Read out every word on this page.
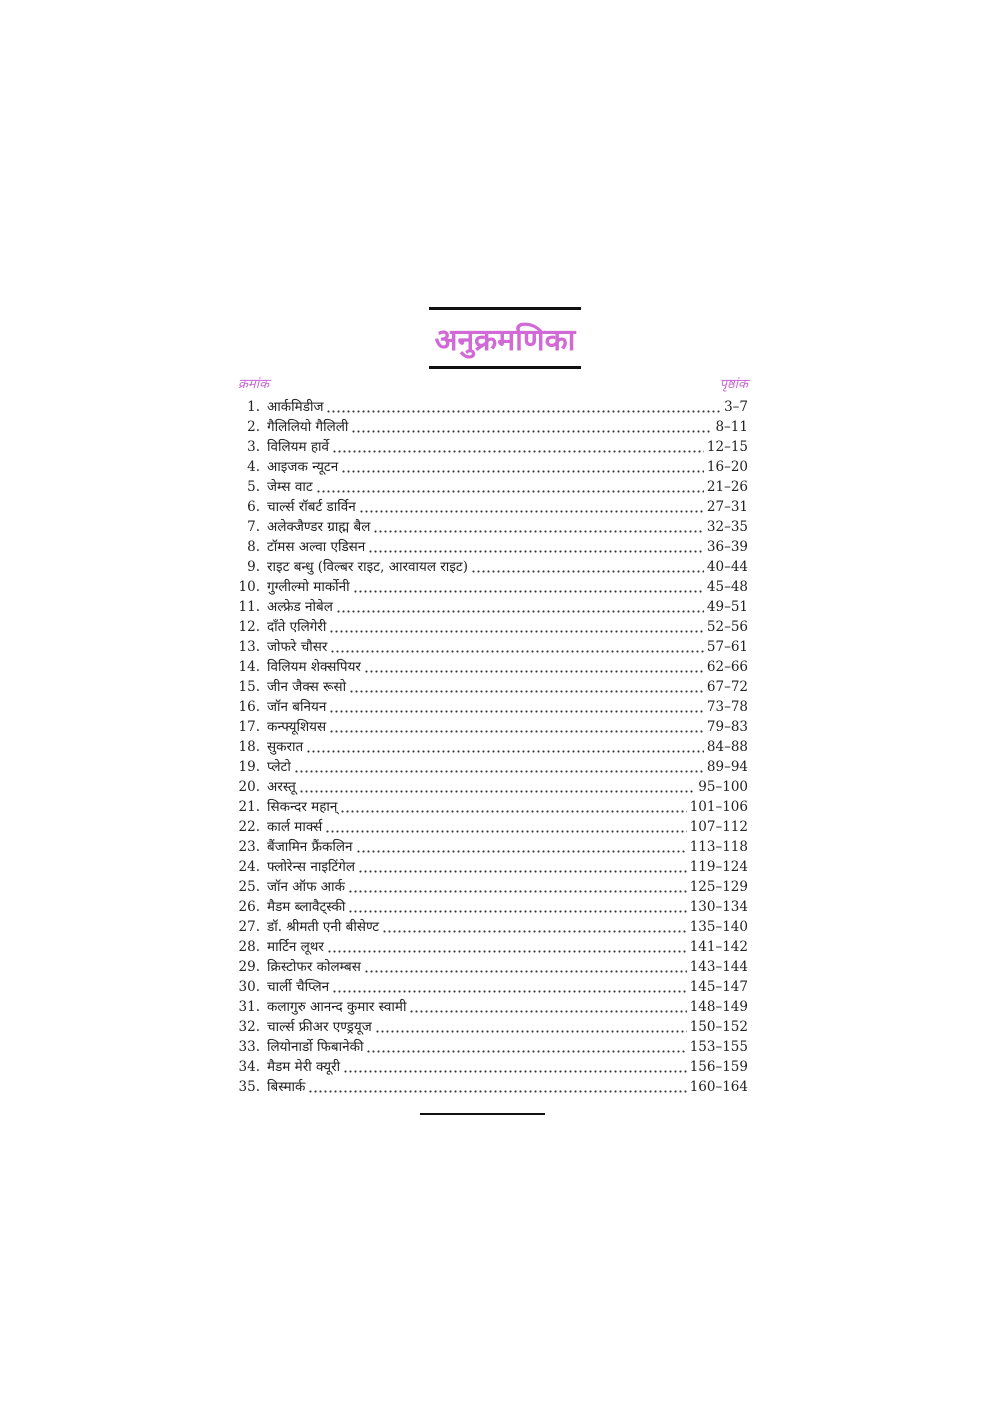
अनुक्रमणिका
क्रमांक	पृष्ठांक
1. आर्कमिडीज	3–7
2. गैलिलियो गैलिली	8–11
3. विलियम हार्वे	12–15
4. आइजक न्यूटन	16–20
5. जेम्स वाट	21–26
6. चार्ल्स रॉबर्ट डार्विन	27–31
7. अलेक्जैण्डर ग्राह्म बैल	32–35
8. टॉमस अल्वा एडिसन	36–39
9. राइट बन्धु (विल्बर राइट, आरवायल राइट)	40–44
10. गुग्लील्मो मार्कोनी	45–48
11. अल्फ्रेड नोबेल	49–51
12. दाँते एलिगेरी	52–56
13. जोफरे चौसर	57–61
14. विलियम शेक्सपियर	62–66
15. जीन जैक्स रूसो	67–72
16. जॉन बनियन	73–78
17. कन्फ्यूशियस	79–83
18. सुकरात	84–88
19. प्लेटो	89–94
20. अरस्तू	95–100
21. सिकन्दर महान्	101–106
22. कार्ल मार्क्स	107–112
23. बैंजामिन फ्रैंकलिन	113–118
24. फ्लोरेन्स नाइटिंगेल	119–124
25. जॉन ऑफ आर्क	125–129
26. मैडम ब्लावैट्स्की	130–134
27. डॉ. श्रीमती एनी बीसेण्ट	135–140
28. मार्टिन लूथर	141–142
29. क्रिस्टोफर कोलम्बस	143–144
30. चार्ली चैप्लिन	145–147
31. कलागुरु आनन्द कुमार स्वामी	148–149
32. चार्ल्स फ्रीअर एण्ड्रयूज	150–152
33. लियोनार्डो फिबानेकी	153–155
34. मैडम मेरी क्यूरी	156–159
35. बिस्मार्क	160–164
